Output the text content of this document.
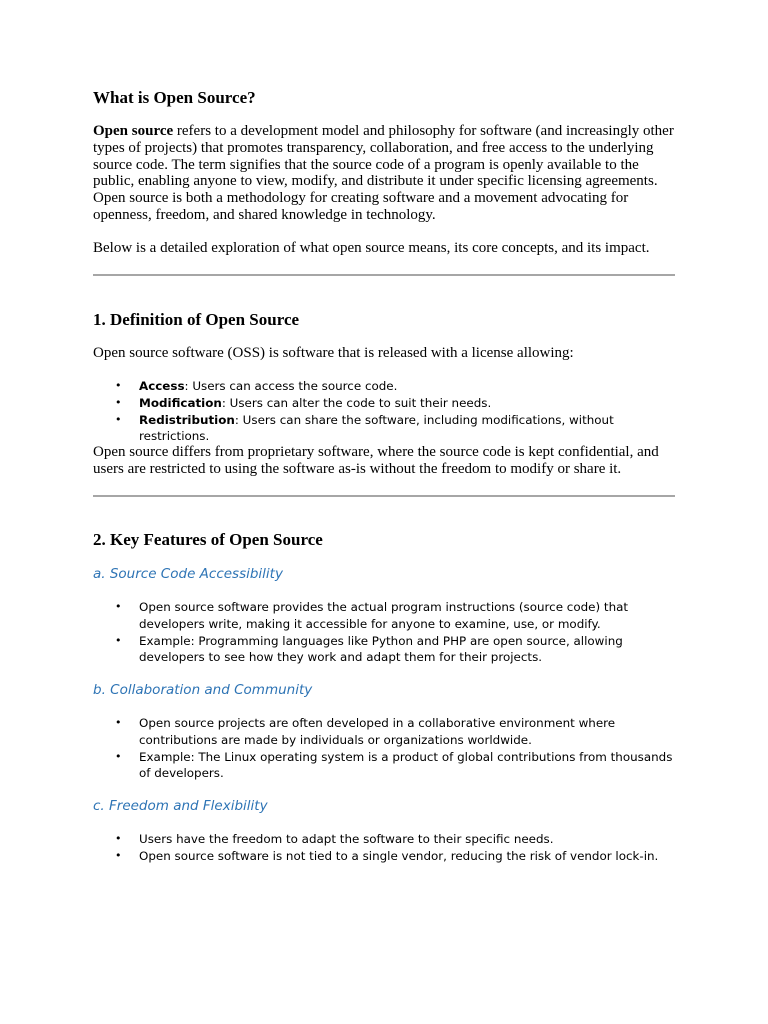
What is Open Source?

Open source refers to a development model and philosophy for software (and increasingly other types of projects) that promotes transparency, collaboration, and free access to the underlying source code. The term signifies that the source code of a program is openly available to the public, enabling anyone to view, modify, and distribute it under specific licensing agreements. Open source is both a methodology for creating software and a movement advocating for openness, freedom, and shared knowledge in technology.

Below is a detailed exploration of what open source means, its core concepts, and its impact.

1. Definition of Open Source

Open source software (OSS) is software that is released with a license allowing:

• Access: Users can access the source code.
• Modification: Users can alter the code to suit their needs.
• Redistribution: Users can share the software, including modifications, without restrictions.

Open source differs from proprietary software, where the source code is kept confidential, and users are restricted to using the software as-is without the freedom to modify or share it.

2. Key Features of Open Source
a. Source Code Accessibility
• Open source software provides the actual program instructions (source code) that developers write, making it accessible for anyone to examine, use, or modify.
• Example: Programming languages like Python and PHP are open source, allowing developers to see how they work and adapt them for their projects.
b. Collaboration and Community
• Open source projects are often developed in a collaborative environment where contributions are made by individuals or organizations worldwide.
• Example: The Linux operating system is a product of global contributions from thousands of developers.
c. Freedom and Flexibility
• Users have the freedom to adapt the software to their specific needs.
• Open source software is not tied to a single vendor, reducing the risk of vendor lock-in.
